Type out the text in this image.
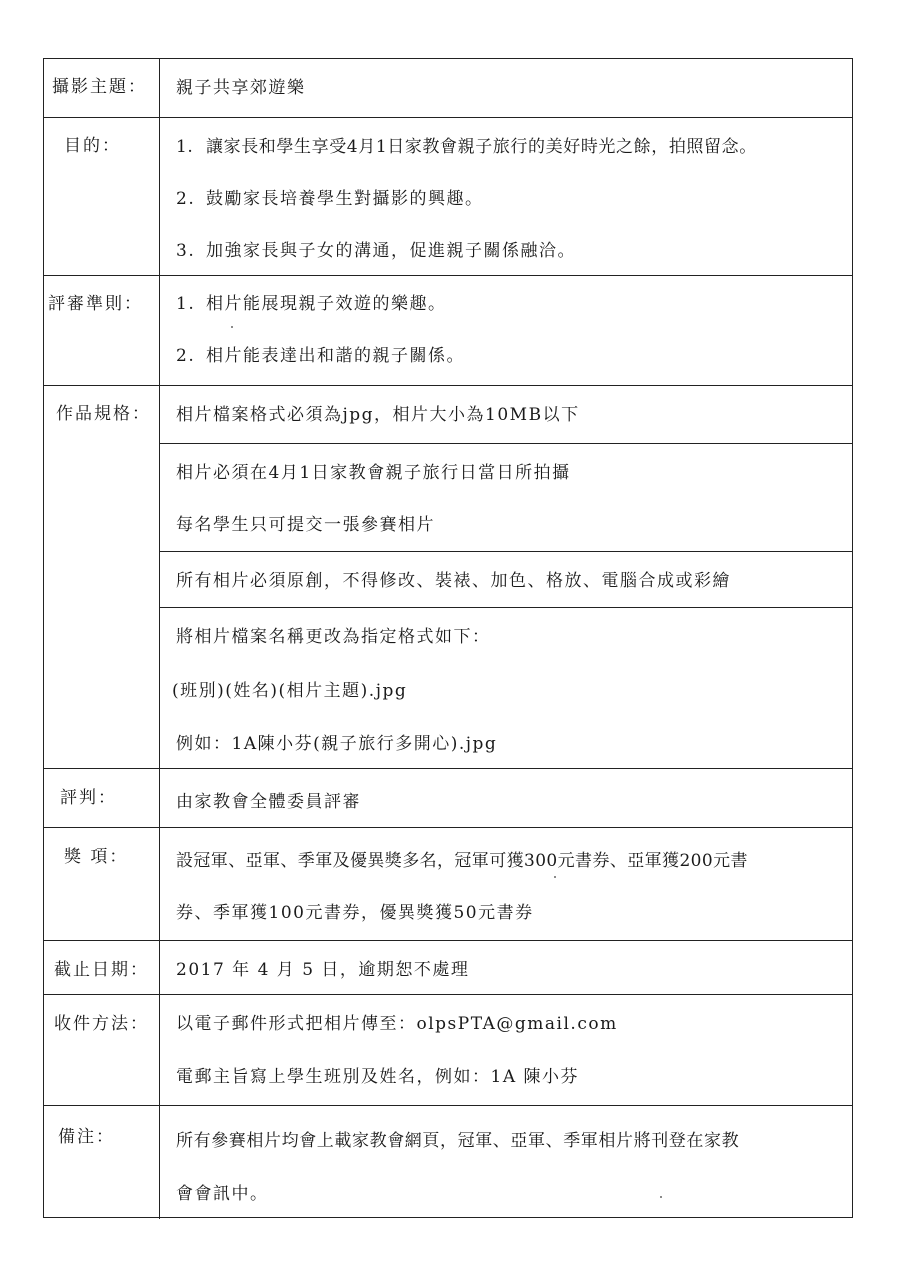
攝影主題： 親子共享郊遊樂
目的：	1. 讓家長和學生享受4月1日家教會親子旅行的美好時光之餘，拍照留念。
2. 鼓勵家長培養學生對攝影的興趣。
3. 加強家長與子女的溝通，促進親子關係融洽。
評審準則： 1. 相片能展現親子效遊的樂趣。
2. 相片能表達出和諧的親子關係。
作品規格： 相片檔案格式必須為jpg，相片大小為10MB以下
相片必須在4月1日家教會親子旅行日當日所拍攝
每名學生只可提交一張參賽相片
所有相片必須原創，不得修改、裝裱、加色、格放、電腦合成或彩繪
將相片檔案名稱更改為指定格式如下：
(班別)(姓名)(相片主題).jpg
例如：1A陳小芬(親子旅行多開心).jpg
評判：	由家教會全體委員評審
獎 項：	設冠軍、亞軍、季軍及優異獎多名，冠軍可獲300元書券、亞軍獲200元書
券、季軍獲100元書券，優異獎獲50元書券
截止日期： 2017 年 4 月 5 日，逾期恕不處理
收件方法： 以電子郵件形式把相片傳至：olpsPTA@gmail.com
電郵主旨寫上學生班別及姓名，例如：1A 陳小芬
備注：	所有參賽相片均會上載家教會網頁，冠軍、亞軍、季軍相片將刊登在家教
會會訊中。
